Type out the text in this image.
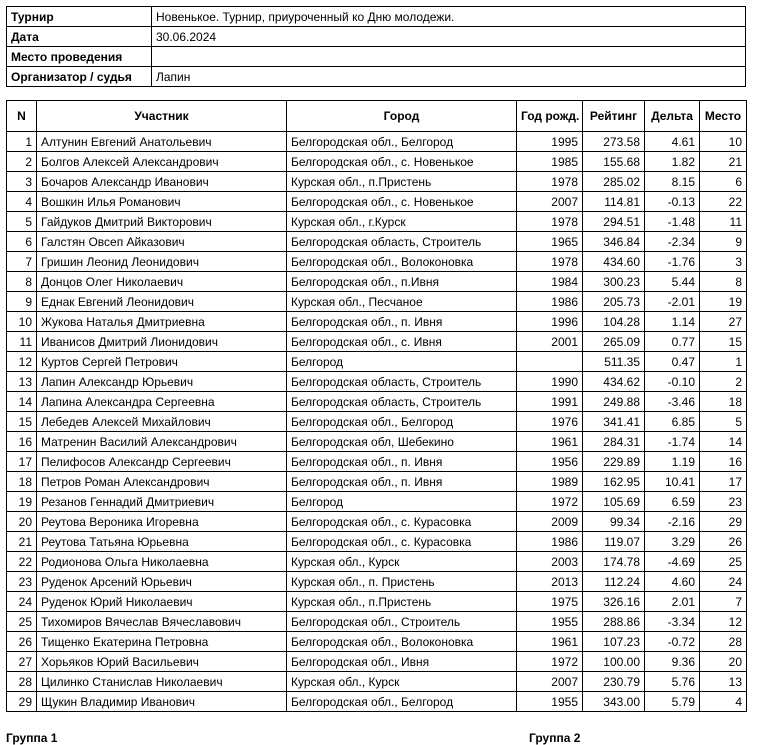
Турнир	Новенькое. Турнир, приуроченный ко Дню молодежи.
Дата	30.06.2024
Место проведения	
Организатор / судья	Лапин
N	Участник	Город	Год рожд.	Рейтинг	Дельта	Место
1	Алтунин Евгений Анатольевич	Белгородская обл., Белгород	1995	273.58	4.61	10
2	Болгов Алексей Александрович	Белгородская обл., с. Новенькое	1985	155.68	1.82	21
3	Бочаров Александр Иванович	Курская обл., п.Пристень	1978	285.02	8.15	6
4	Вошкин Илья Романович	Белгородская обл., с. Новенькое	2007	114.81	-0.13	22
5	Гайдуков Дмитрий Викторович	Курская обл., г.Курск	1978	294.51	-1.48	11
6	Галстян Овсеп Айказович	Белгородская область, Строитель	1965	346.84	-2.34	9
7	Гришин Леонид Леонидович	Белгородская обл., Волоконовка	1978	434.60	-1.76	3
8	Донцов Олег Николаевич	Белгородская обл., п.Ивня	1984	300.23	5.44	8
9	Еднак Евгений Леонидович	Курская обл., Песчаное	1986	205.73	-2.01	19
10	Жукова Наталья Дмитриевна	Белгородская обл., п. Ивня	1996	104.28	1.14	27
11	Иванисов Дмитрий Лионидович	Белгородская обл., с. Ивня	2001	265.09	0.77	15
12	Куртов Сергей Петрович	Белгород		511.35	0.47	1
13	Лапин Александр Юрьевич	Белгородская область, Строитель	1990	434.62	-0.10	2
14	Лапина Александра Сергеевна	Белгородская область, Строитель	1991	249.88	-3.46	18
15	Лебедев Алексей Михайлович	Белгородская обл., Белгород	1976	341.41	6.85	5
16	Матренин Василий Александрович	Белгородская обл, Шебекино	1961	284.31	-1.74	14
17	Пелифосов Александр Сергеевич	Белгородская обл., п. Ивня	1956	229.89	1.19	16
18	Петров Роман Александрович	Белгородская обл., п. Ивня	1989	162.95	10.41	17
19	Резанов Геннадий Дмитриевич	Белгород	1972	105.69	6.59	23
20	Реутова Вероника Игоревна	Белгородская обл., с. Курасовка	2009	99.34	-2.16	29
21	Реутова Татьяна Юрьевна	Белгородская обл., с. Курасовка	1986	119.07	3.29	26
22	Родионова Ольга Николаевна	Курская обл., Курск	2003	174.78	-4.69	25
23	Руденок Арсений Юрьевич	Курская обл., п. Пристень	2013	112.24	4.60	24
24	Руденок Юрий Николаевич	Курская обл., п.Пристень	1975	326.16	2.01	7
25	Тихомиров Вячеслав Вячеславович	Белгородская обл., Строитель	1955	288.86	-3.34	12
26	Тищенко Екатерина Петровна	Белгородская обл., Волоконовка	1961	107.23	-0.72	28
27	Хорьяков Юрий Васильевич	Белгородская обл., Ивня	1972	100.00	9.36	20
28	Цилинко Станислав Николаевич	Курская обл., Курск	2007	230.79	5.76	13
29	Щукин Владимир Иванович	Белгородская обл., Белгород	1955	343.00	5.79	4
Группа 1	Группа 2
